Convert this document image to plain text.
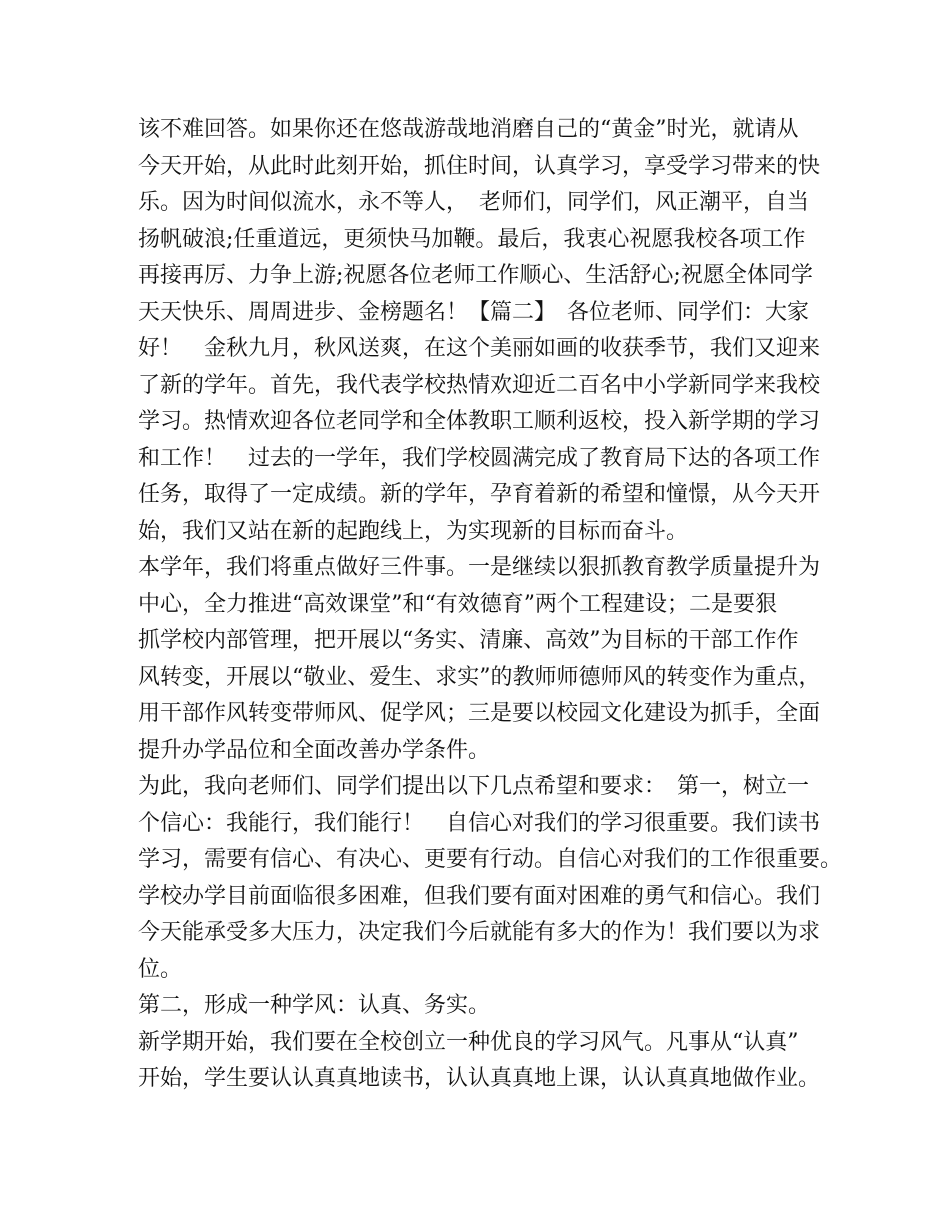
该不难回答。如果你还在悠哉游哉地消磨自己的“黄金”时光，就请从
今天开始，从此时此刻开始，抓住时间，认真学习，享受学习带来的快
乐。因为时间似流水，永不等人，　老师们，同学们，风正潮平，自当
扬帆破浪;任重道远，更须快马加鞭。最后，我衷心祝愿我校各项工作
再接再厉、力争上游;祝愿各位老师工作顺心、生活舒心;祝愿全体同学
天天快乐、周周进步、金榜题名！【篇二】　各位老师、同学们：大家
好！　金秋九月，秋风送爽，在这个美丽如画的收获季节，我们又迎来
了新的学年。首先，我代表学校热情欢迎近二百名中小学新同学来我校
学习。热情欢迎各位老同学和全体教职工顺利返校，投入新学期的学习
和工作！　过去的一学年，我们学校圆满完成了教育局下达的各项工作
任务，取得了一定成绩。新的学年，孕育着新的希望和憧憬，从今天开
始，我们又站在新的起跑线上，为实现新的目标而奋斗。
本学年，我们将重点做好三件事。一是继续以狠抓教育教学质量提升为
中心，全力推进“高效课堂”和“有效德育”两个工程建设；二是要狠
抓学校内部管理，把开展以“务实、清廉、高效”为目标的干部工作作
风转变，开展以“敬业、爱生、求实”的教师师德师风的转变作为重点，
用干部作风转变带师风、促学风；三是要以校园文化建设为抓手，全面
提升办学品位和全面改善办学条件。
为此，我向老师们、同学们提出以下几点希望和要求：　第一，树立一
个信心：我能行，我们能行！　自信心对我们的学习很重要。我们读书
学习，需要有信心、有决心、更要有行动。自信心对我们的工作很重要。
学校办学目前面临很多困难，但我们要有面对困难的勇气和信心。我们
今天能承受多大压力，决定我们今后就能有多大的作为！我们要以为求
位。
第二，形成一种学风：认真、务实。
新学期开始，我们要在全校创立一种优良的学习风气。凡事从“认真”
开始，学生要认认真真地读书，认认真真地上课，认认真真地做作业。
